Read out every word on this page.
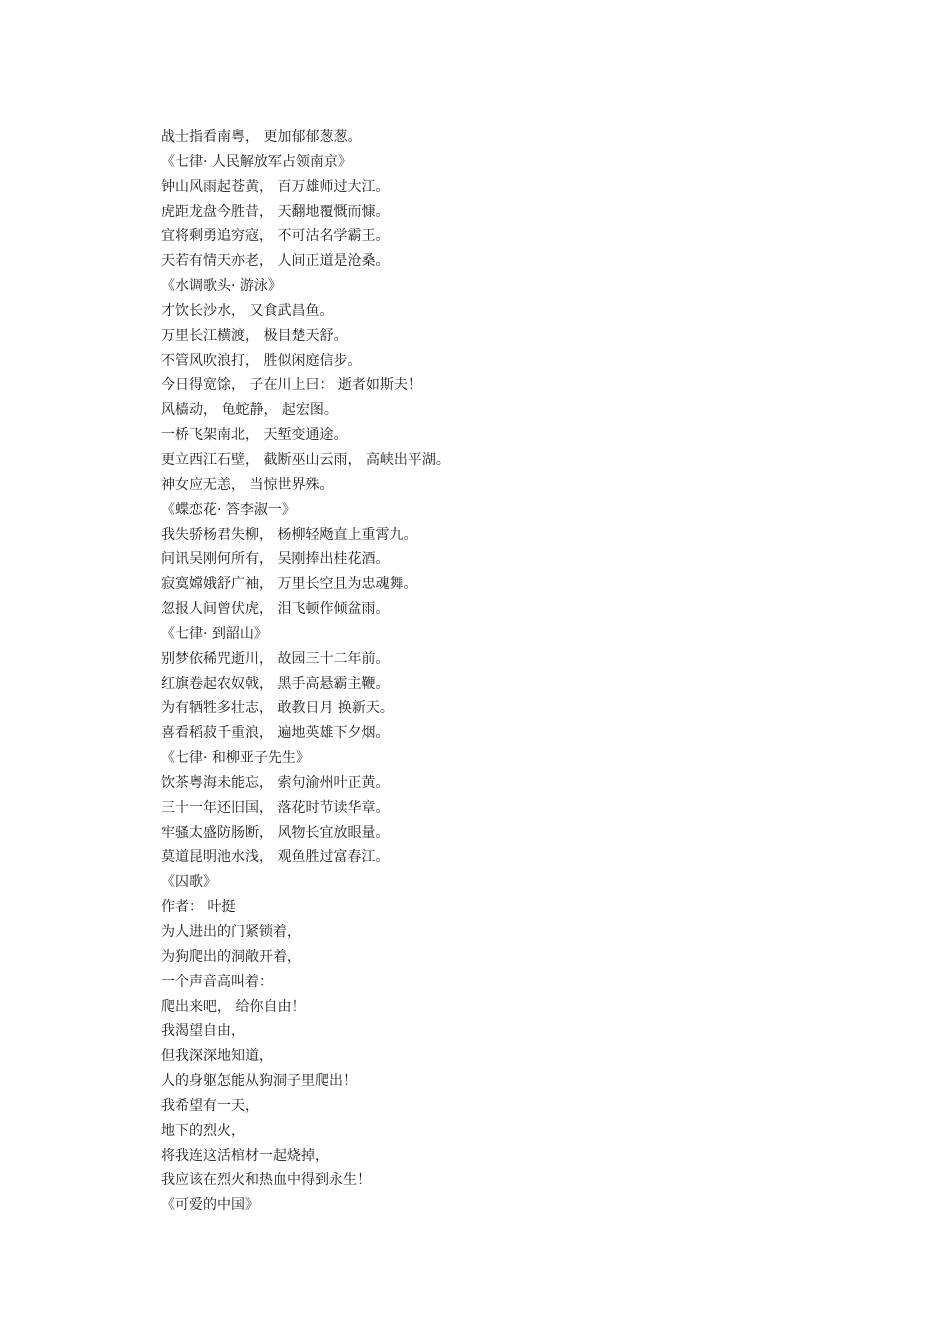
战士指看南粤， 更加郁郁葱葱。
《七律· 人民解放军占领南京》
钟山风雨起苍黄， 百万雄师过大江。
虎距龙盘今胜昔， 天翻地覆慨而慷。
宜将剩勇追穷寇， 不可沽名学霸王。
天若有情天亦老， 人间正道是沧桑。
《水调歌头· 游泳》
才饮长沙水， 又食武昌鱼。
万里长江横渡， 极目楚天舒。
不管风吹浪打， 胜似闲庭信步。
今日得宽馀， 子在川上曰： 逝者如斯夫！
风樯动， 龟蛇静， 起宏图。
一桥飞架南北， 天堑变通途。
更立西江石壁， 截断巫山云雨， 高峡出平湖。
神女应无恙， 当惊世界殊。
《蝶恋花· 答李淑一》
我失骄杨君失柳， 杨柳轻飏直上重霄九。
问讯吴刚何所有， 吴刚捧出桂花酒。
寂寞嫦娥舒广袖， 万里长空且为忠魂舞。
忽报人间曾伏虎， 泪飞顿作倾盆雨。
《七律· 到韶山》
别梦依稀咒逝川， 故园三十二年前。
红旗卷起农奴戟， 黑手高悬霸主鞭。
为有牺牲多壮志， 敢教日月 换新天。
喜看稻菽千重浪， 遍地英雄下夕烟。
《七律· 和柳亚子先生》
饮茶粤海未能忘， 索句渝州叶正黄。
三十一年还旧国， 落花时节读华章。
牢骚太盛防肠断， 风物长宜放眼量。
莫道昆明池水浅， 观鱼胜过富春江。
《囚歌》
作者： 叶挺
为人进出的门紧锁着，
为狗爬出的洞敞开着，
一个声音高叫着：
爬出来吧， 给你自由！
我渴望自由，
但我深深地知道，
人的身躯怎能从狗洞子里爬出！
我希望有一天，
地下的烈火，
将我连这活棺材一起烧掉，
我应该在烈火和热血中得到永生！
《可爱的中国》
